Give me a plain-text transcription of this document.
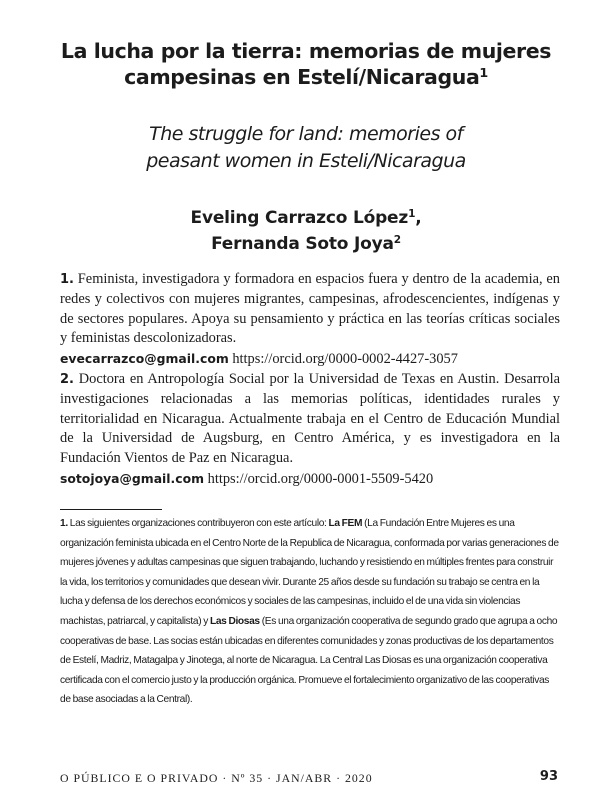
La lucha por la tierra: memorias de mujeres
campesinas en Estelí/Nicaragua$^1$
The struggle for land: memories of
peasant women in Esteli/Nicaragua
Eveling Carrazco López$^1$,
Fernanda Soto Joya$^2$

1. Feminista, investigadora y formadora en espacios fuera y dentro de la academia, en redes y colectivos con mujeres migrantes, campesinas, afrodescencientes, indígenas y de sectores populares. Apoya su pensamiento y práctica en las teorías críticas sociales y feministas descolonizadoras.
evecarrazco@gmail.com https://orcid.org/0000-0002-4427-3057

2. Doctora en Antropología Social por la Universidad de Texas en Austin. Desarrola investigaciones relacionadas a las memorias políticas, identidades rurales y territorialidad en Nicaragua. Actualmente trabaja en el Centro de Educación Mundial de la Universidad de Augsburg, en Centro América, y es investigadora en la Fundación Vientos de Paz en Nicaragua.
sotojoya@gmail.com https://orcid.org/0000-0001-5509-5420

1. Las siguientes organizaciones contribuyeron con este artículo: La FEM (La Fundación Entre Mujeres es una organización feminista ubicada en el Centro Norte de la Republica de Nicaragua, conformada por varias generaciones de mujeres jóvenes y adultas campesinas que siguen trabajando, luchando y resistiendo en múltiples frentes para construir la vida, los territorios y comunidades que desean vivir. Durante 25 años desde su fundación su trabajo se centra en la lucha y defensa de los derechos económicos y sociales de las campesinas, incluido el de una vida sin violencias machistas, patriarcal, y capitalista) y Las Diosas (Es una organización cooperativa de segundo grado que agrupa a ocho cooperativas de base. Las socias están ubicadas en diferentes comunidades y zonas productivas de los departamentos de Estelí, Madriz, Matagalpa y Jinotega, al norte de Nicaragua. La Central Las Diosas es una organización cooperativa certificada con el comercio justo y la producción orgánica. Promueve el fortalecimiento organizativo de las cooperativas de base asociadas a la Central).

O PÚBLICO E O PRIVADO · Nº 35 · JAN/ABR · 2020	93
